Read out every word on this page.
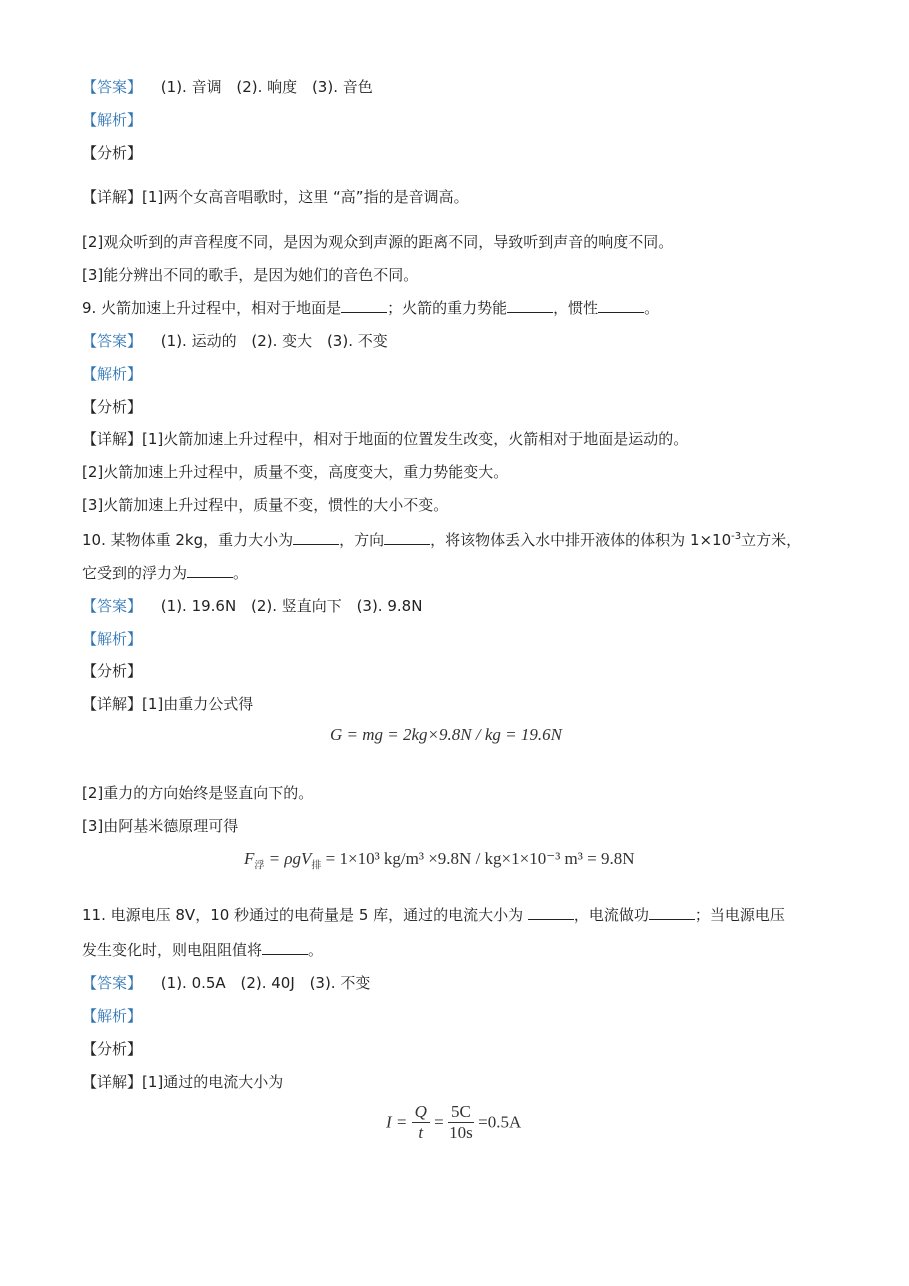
【答案】 (1). 音调 (2). 响度 (3). 音色
【解析】
【分析】
【详解】[1]两个女高音唱歌时，这里 “高”指的是音调高。
[2]观众听到的声音程度不同，是因为观众到声源的距离不同，导致听到声音的响度不同。
[3]能分辨出不同的歌手，是因为她们的音色不同。
9. 火箭加速上升过程中，相对于地面是	；火箭的重力势能	，惯性	。
【答案】 (1). 运动的 (2). 变大 (3). 不变
【解析】
【分析】
【详解】[1]火箭加速上升过程中，相对于地面的位置发生改变，火箭相对于地面是运动的。
[2]火箭加速上升过程中，质量不变，高度变大，重力势能变大。
[3]火箭加速上升过程中，质量不变，惯性的大小不变。
10. 某物体重 2kg，重力大小为	，方向	，将该物体丢入水中排开液体的体积为 $1\times 10^{-3}$立方米，
它受到的浮力为	。
【答案】 (1). 19.6N (2). 竖直向下 (3). 9.8N
【解析】
【分析】
【详解】[1]由重力公式得
G = mg = 2kg×9.8N / kg = 19.6N
[2]重力的方向始终是竖直向下的。
[3]由阿基米德原理可得
$F_浮 = \rho gV_排 = 1\times 10^3$ kg/m³ ×9.8N / kg×1×10⁻³ m³ = 9.8N
11. 电源电压 8V，10 秒通过的电荷量是 5 库，通过的电流大小为	，电流做功	；当电源电压
发生变化时，则电阻阻值将	。
【答案】 (1). 0.5A (2). 40J (3). 不变
【解析】
【分析】
【详解】[1]通过的电流大小为
$I = \frac{Q}{t} = \frac{5C}{10s} =0.5A$
